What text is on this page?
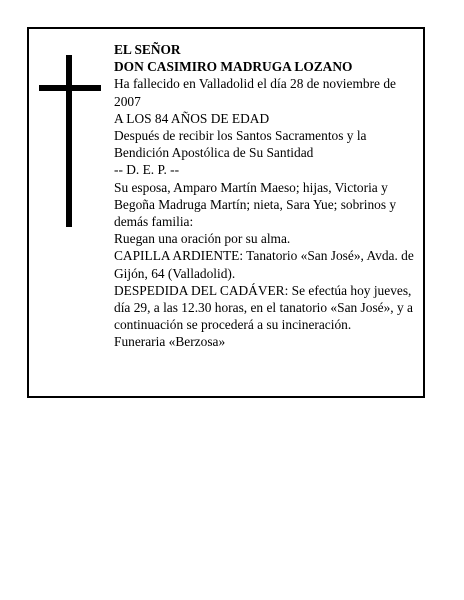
EL SEÑOR

DON CASIMIRO MADRUGA LOZANO

Ha fallecido en Valladolid el día 28 de noviembre de 2007

A LOS 84 AÑOS DE EDAD

Después de recibir los Santos Sacramentos y la Bendición Apostólica de Su Santidad

-- D. E. P. --

Su esposa, Amparo Martín Maeso; hijas, Victoria y Begoña Madruga Martín; nieta, Sara Yue; sobrinos y demás familia:

Ruegan una oración por su alma.

CAPILLA ARDIENTE: Tanatorio «San José», Avda. de Gijón, 64 (Valladolid).

DESPEDIDA DEL CADÁVER: Se efectúa hoy jueves, día 29, a las 12.30 horas, en el tanatorio «San José», y a continuación se procederá a su incineración.

Funeraria «Berzosa»
